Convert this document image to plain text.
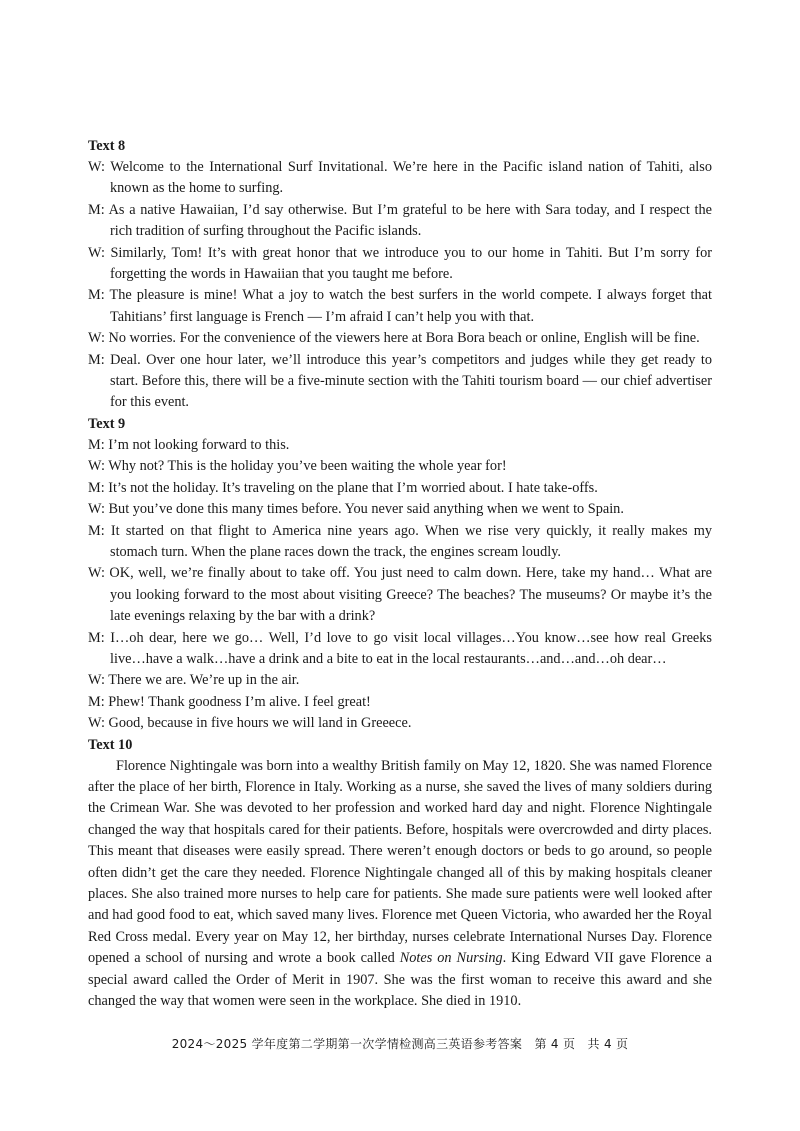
Text 8
W: Welcome to the International Surf Invitational. We’re here in the Pacific island nation of Tahiti, also known as the home to surfing.
M: As a native Hawaiian, I’d say otherwise. But I’m grateful to be here with Sara today, and I respect the rich tradition of surfing throughout the Pacific islands.
W: Similarly, Tom! It’s with great honor that we introduce you to our home in Tahiti. But I’m sorry for forgetting the words in Hawaiian that you taught me before.
M: The pleasure is mine! What a joy to watch the best surfers in the world compete. I always forget that Tahitians’ first language is French — I’m afraid I can’t help you with that.
W: No worries. For the convenience of the viewers here at Bora Bora beach or online, English will be fine.
M: Deal. Over one hour later, we’ll introduce this year’s competitors and judges while they get ready to start. Before this, there will be a five-minute section with the Tahiti tourism board — our chief advertiser for this event.
Text 9
M: I’m not looking forward to this.
W: Why not? This is the holiday you’ve been waiting the whole year for!
M: It’s not the holiday. It’s traveling on the plane that I’m worried about. I hate take-offs.
W: But you’ve done this many times before. You never said anything when we went to Spain.
M: It started on that flight to America nine years ago. When we rise very quickly, it really makes my stomach turn. When the plane races down the track, the engines scream loudly.
W: OK, well, we’re finally about to take off. You just need to calm down. Here, take my hand… What are you looking forward to the most about visiting Greece? The beaches? The museums? Or maybe it’s the late evenings relaxing by the bar with a drink?
M: I…oh dear, here we go… Well, I’d love to go visit local villages…You know…see how real Greeks live…have a walk…have a drink and a bite to eat in the local restaurants…and…and…oh dear…
W: There we are. We’re up in the air.
M: Phew! Thank goodness I’m alive. I feel great!
W: Good, because in five hours we will land in Greeece.
Text 10
Florence Nightingale was born into a wealthy British family on May 12, 1820. She was named Florence after the place of her birth, Florence in Italy. Working as a nurse, she saved the lives of many soldiers during the Crimean War. She was devoted to her profession and worked hard day and night. Florence Nightingale changed the way that hospitals cared for their patients. Before, hospitals were overcrowded and dirty places. This meant that diseases were easily spread. There weren’t enough doctors or beds to go around, so people often didn’t get the care they needed. Florence Nightingale changed all of this by making hospitals cleaner places. She also trained more nurses to help care for patients. She made sure patients were well looked after and had good food to eat, which saved many lives. Florence met Queen Victoria, who awarded her the Royal Red Cross medal. Every year on May 12, her birthday, nurses celebrate International Nurses Day. Florence opened a school of nursing and wrote a book called Notes on Nursing. King Edward VII gave Florence a special award called the Order of Merit in 1907. She was the first woman to receive this award and she changed the way that women were seen in the workplace. She died in 1910.
2024～2025 学年度第二学期第一次学情检测高三英语参考答案　第 4 页　共 4 页
